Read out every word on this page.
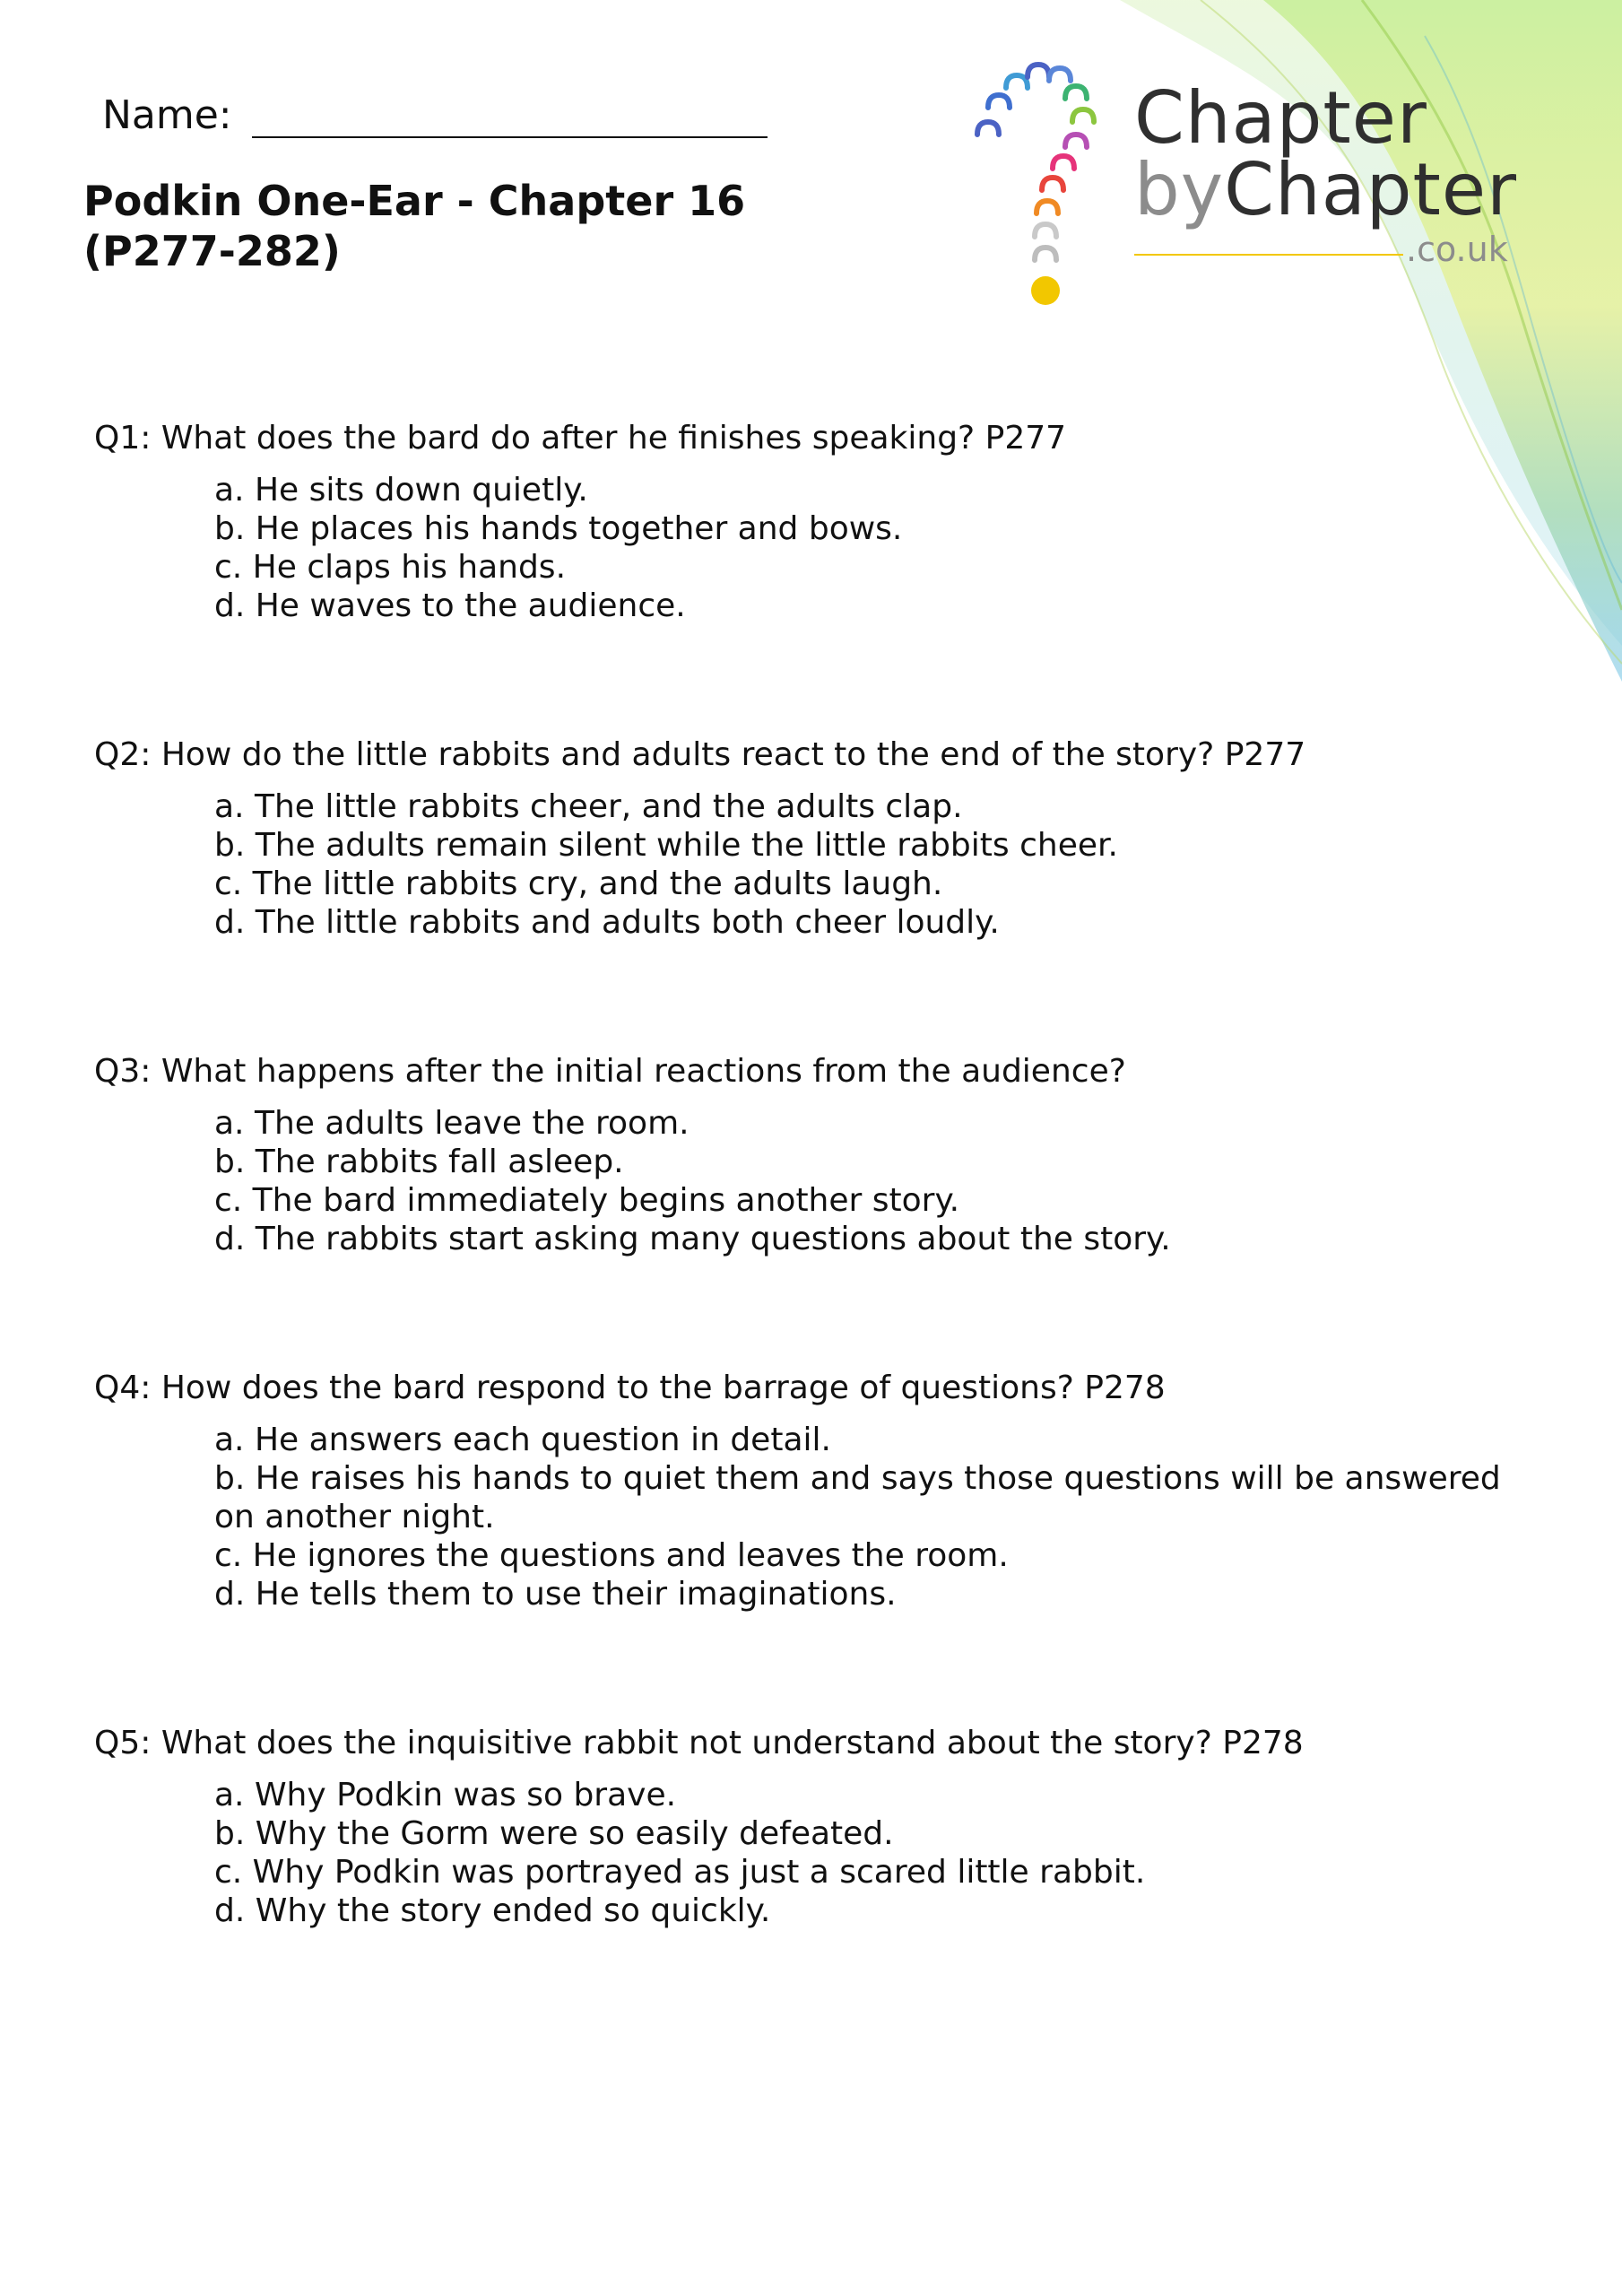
Name:
Podkin One-Ear - Chapter 16
(P277-282)
Chapter
byChapter
.co.uk

Q1: What does the bard do after he finishes speaking? P277

a. He sits down quietly.
b. He places his hands together and bows.
c. He claps his hands.
d. He waves to the audience.

Q2: How do the little rabbits and adults react to the end of the story? P277

a. The little rabbits cheer, and the adults clap.
b. The adults remain silent while the little rabbits cheer.
c. The little rabbits cry, and the adults laugh.
d. The little rabbits and adults both cheer loudly.

Q3: What happens after the initial reactions from the audience?

a. The adults leave the room.
b. The rabbits fall asleep.
c. The bard immediately begins another story.
d. The rabbits start asking many questions about the story.

Q4: How does the bard respond to the barrage of questions? P278

a. He answers each question in detail.
b. He raises his hands to quiet them and says those questions will be answered
on another night.
c. He ignores the questions and leaves the room.
d. He tells them to use their imaginations.

Q5: What does the inquisitive rabbit not understand about the story? P278

a. Why Podkin was so brave.
b. Why the Gorm were so easily defeated.
c. Why Podkin was portrayed as just a scared little rabbit.
d. Why the story ended so quickly.
